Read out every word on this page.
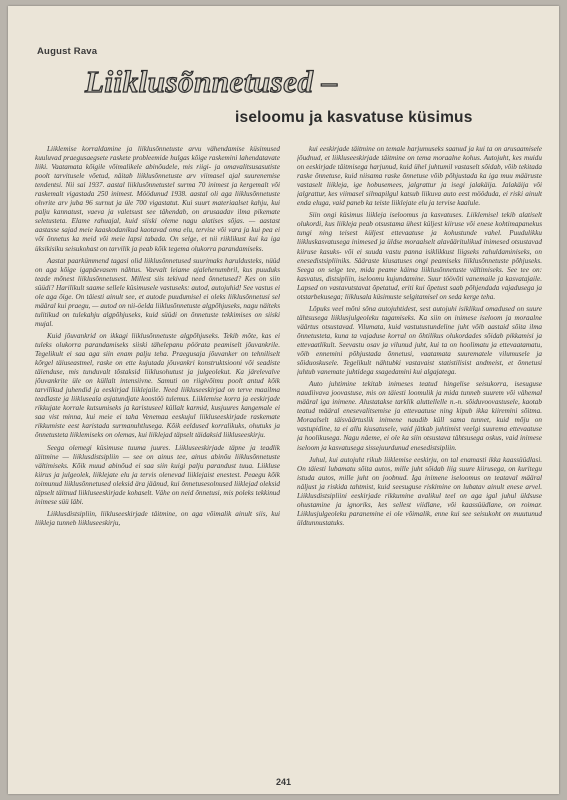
August Rava
Liiklusõnnetused –
iseloomu ja kasvatuse küsimus

Liiklemise korraldamine ja liiklusõnnetuste arvu vähendamise küsimused kuuluvad praegusaegsete raskete probleemide hulgas kõige raskemini lahendatavate liiki. Vaatamata kõigile võimalikele abinõudele, mis riigi- ja omavalitsusasutiste poolt tarvitusele võetud, näitab liiklusõnnetuste arv viimasel ajal suurenemise tendentsi. Nii sai 1937. aastal liiklusõnnetustel surma 70 inimest ja kergemalt või raskemalt vigastada 250 inimest. Möödunud 1938. aastal oli aga liiklusõnnetuste ohvrite arv juba 96 surnut ja üle 700 vigastatut. Kui suurt materiaalset kahju, kui palju kannatust, vaeva ja valetsust see tähendab, on arusaadav ilma pikemate seletusteta. Elame rahuajal, kuid siiski oleme nagu alatises sõjas. — aastast aastasse sajad meie kaaskodanikud kaotavad oma elu, tervise või vara ja kui pea ei või õnnetus ka meid või meie lapsi tabada. On selge, et nii riiklikust kui ka iga üksikisiku seisukohast on tarvilik ja peab kõik tegema olukorra parandamiseks.

Aastat paarkümmend tagasi olid liiklusõnnetused suurimaks haruldusteks, nüüd on aga kõige igapäevasem nähtus. Vaevalt leiame ajalehenumbril, kus puuduks teade mõnest liiklusõnnetusest. Millest siis tekivad need õnnetused? Kes on siin süüdi? Harilikult saame sellele küsimusele vastuseks: autod, autojuhid! See vastus ei ole aga õige. On täiesti ainult see, et autode puudumisel ei oleks liiklusõnnetusi sel määral kui praegu, — autod on nii-öelda liiklusõnnetuste algpõhjuseks, nagu näiteks tulitikud on tulekahju algpõhjuseks, kuid süüdi on õnnetuste tekkimises on siiski mujal.

Kuid jõuvankrid on ikkagi liiklusõnnetuste algpõhjuseks. Tekib mõte, kas ei tuleks olukorra parandamiseks siiski tähelepanu pöörata peamiselt jõuvankrile. Tegelikult ei saa aga siin enam palju teha. Praegusaja jõuvanker on tehniliselt kõrgel täiuseastmel, raske on ette kujutada jõuvankri konstruktsiooni või seadiste täienduse, mis tunduvalt tõstaksid liiklusohutust ja julgeolekut. Ka järelevalve jõuvankrite üle on küllalt intensiivne. Samuti on riigivõimu poolt antud kõik tarvilikud juhendid ja eeskirjad liiklejaile. Need liikluseeskirjad on terve maailma teadlaste ja liikluseala asjatundjate koostöö tulemus. Liiklemise korra ja eeskirjade rikkujate korrale kutsumiseks ja karistuseel küllalt karmid, kusjuures kangemale ei saa vist minna, kui meie ei taha Venemaa eeskujul liikluseeskirjade raskemate rikkumiste eest karistada surmanuhtlusega. Kõik eeldused korralikuks, ohutuks ja õnnetusteta liiklemiseks on olemas, kui liiklejad täpselt täidaksid liikluseeskirju.

Seega olemegi küsimuse tuuma juures. Liikluseeskirjade täpne ja teadlik täitmine — liiklusdistsipliin — see on ainus tee, ainus abinõu liiklusõnnetuste vältimiseks. Kõik muud abinõud ei saa siin kuigi palju parandust tuua. Liikluse kiirus ja julgeolek, liiklejate elu ja tervis olenevad liiklejaist enestest. Peaegu kõik toimunud liiklusõnnetused oleksid ära jäänud, kui õnnetusesolnused liiklejad oleksid täpselt täitnud liikluseeskirjade kohaselt. Vähe on neid õnnetusi, mis poleks tekkinud inimese süü läbi.

Liiklusdistsipliin, liikluseeskirjade täitmine, on aga võimalik ainult siis, kui liikleja tunneb liikluseeskirju,

kui eeskirjade täitmine on temale harjumuseks saanud ja kui ta on arusaamisele jõudnud, et liikluseeskirjade täitmine on tema moraalne kohus. Autojuht, kes muidu on eeskirjade täitmisega harjunud, kuid ühel juhtumil vastaselt sõidab, võib tekitada raske õnnetuse, kuid niisama raske õnnetuse võib põhjustada ka iga muu määruste vastaselt liikleja, ige hobusemees, jalgrattur ja isegi jalakäija. Jalakäija või jalgrattur, kes viimasel silmapilgul katsub liikuva auto eest mööduda, ei riski ainult enda eluga, vaid paneb ka teiste liiklejate elu ja tervise kaalule.

Siin ongi küsimus liikleja iseloomus ja kasvatuses. Liiklemisel tekib alatiselt olukordi, kus liikleja peab otsustama ühest küljest kiiruse või enese kohtimapanekus tungi ning teisest küljest ettevaatuse ja kohustunde vahel. Puudulikku liikluskasvatusega inimesed ja üldse moraalselt alavääritulikud inimesed otsustavad kiiruse kasuks- või ei suuda vastu panna isiklikkust liigseks rahuldaminiseks, on enesedistsipliiniks. Sääraste kiusatuses ongi peamiseks liiklusõnnetuste põhjuseks. Seega on selge tee, mida peame käima liiklusõnnetuste vältimiseks. See tee on: kasvatus, distsipliin, iseloomu kujundamine. Suur töövõti vanemaile ja kasvatajaile. Lapsed on vastavutstavat õpetatud, eriti kui õpetust saab põhjendada vajadusega ja otstarbekusega; liiklusala küsimuste selgitamisel on seda kerge teha.

Lõpuks veel mõni sõna autojuhtidest, sest autojuhi isiklikud omadused on suure tähtsusega liiklusjulgeoleku tagamiseks. Ka siin on inimese iseloom ja moraalne väärtus otsustavad. Vilumata, kuid vastutustundeline juht võib aastaid sõita ilma õnnetusteta, kuna ta vajaduse korral on õhtilikus olukordades sõidab pikkamisi ja ettevaatlikult. Seevastu osav ja vilunud juht, kui ta on hoolimatu ja ettevaatamatu, võib ennemini põhjustada õnnetusi, vaatamata suurematele vilumusele ja sõiduoskusele. Tegelikult nähtubki vastavaist statistilisist andmeist, et õnnetusi juhtub vanemate juhtidega ssagedamini kui algajatega.

Auto juhtimine tekitab inimeses teatud hingelise seisukorra, isesuguse naudiivava joovastuse, mis on täiesti loomulik ja mida tunneb suurem või vähemal määral iga inimene. Alustatakse tarklik aluttellelle n.-n. sõiduvoovastusele, kaotab teatud määral enesevalitsemise ja ettevaatuse ning kipub ikka kiiremini sõitma. Moraalselt täisväärtuslik inimene naudib küll sama tunnet, kuid mõju on vastupidine, ta ei allu kiusatusele, vaid jätkab juhtimist veelgi suurema ettevaatuse ja hoolikusega. Nagu näeme, ei ole ka siin otsustava tähtsusega oskus, vaid inimese iseloom ja kasvatusega sissejuurdunud enesedistsipliin.

Juhul, kui autojuht rikub liiklemise eeskirju, on tal enamasti ikka kaassüüdlasi. On täiesti lubamatu sõita autos, mille juht sõidab liig suure kiirusega, on kuritegu istuda autos, mille juht on joobnud. Iga inimene iseloomus on teataval määral näljust ja riskida tahtmist, kuid seesuguse riskimine on lubatav ainult enese arvel. Liiklusdistsipliini eeskirjade rikkumine avalikul teel on aga igal juhul üldsuse ohustamine ja ignoriks, kes sellest viidlane, või kaassüüdlane, on roimar. Liiklusjulgeoleku paranemine ei ole võimalik, enne kui see seisukoht on muutunud üldtunnustatuks.

241
